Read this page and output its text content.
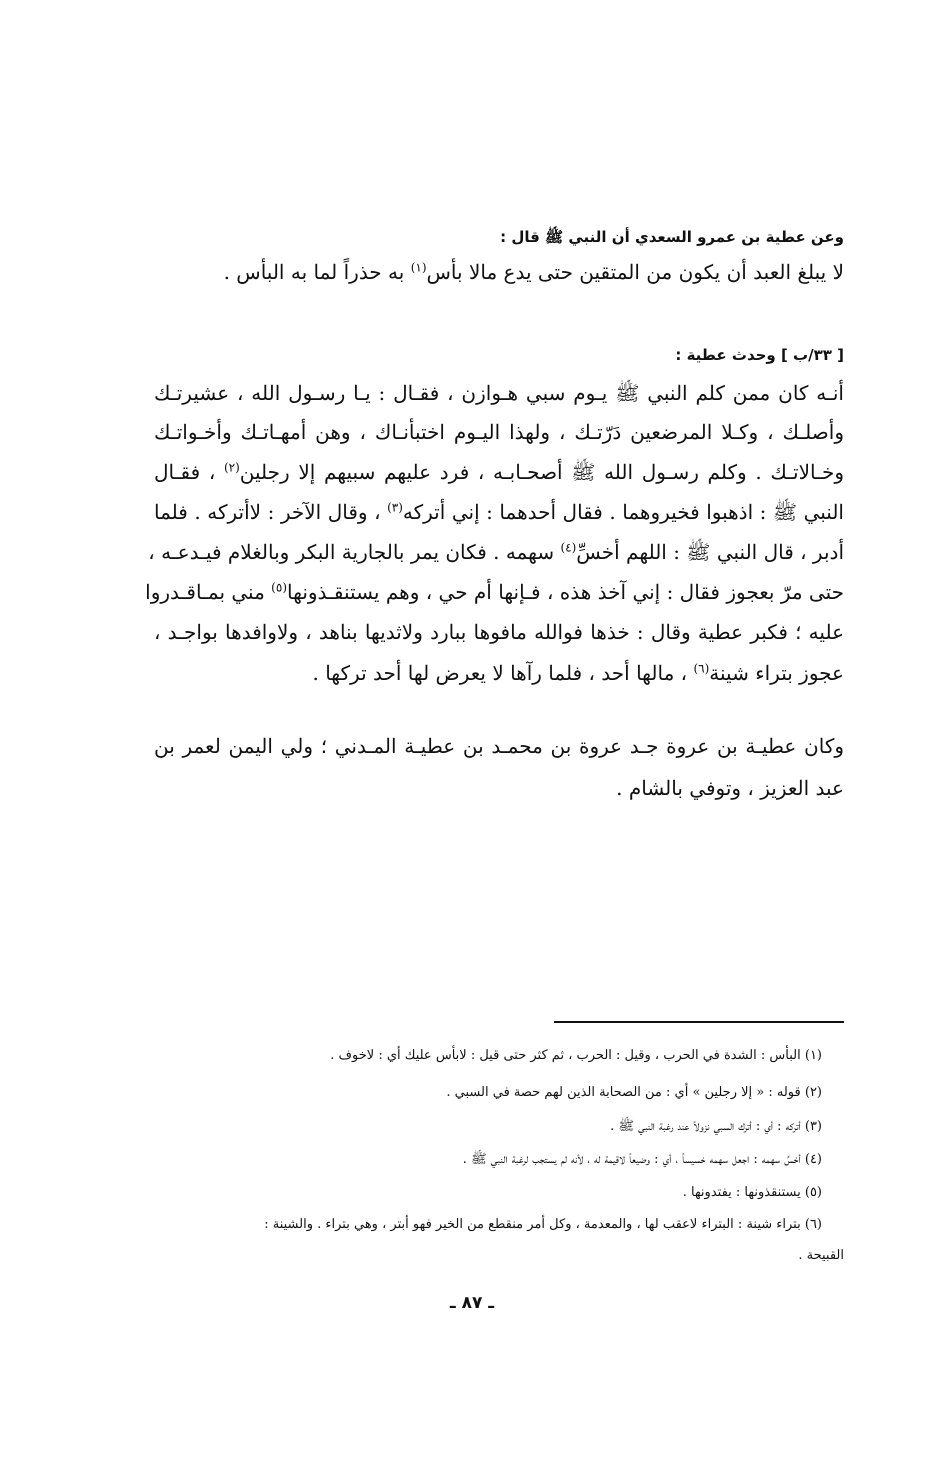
وعن عطية بن عمرو السعدي أن النبي ﷺ قال :
لا يبلغ العبد أن يكون من المتقين حتى يدع مالا بأس$^{(١)}$ به حذراً لما به البأس .
[ ٣٣/ب ] وحدث عطية :
أنـه كان ممن كلم النبي ﷺ يـوم سبي هـوازن ، فقـال : يـا رسـول الله ، عشيرتـك
وأصلـك ، وكـلا المرضعين دَرّتـك ، ولهذا اليـوم اختبأنـاك ، وهن أمهـاتـك وأخـواتـك
وخـالاتـك . وكلم رسـول الله ﷺ أصحـابـه ، فرد عليهم سبيهم إلا رجلين$^{(٢)}$ ، فقـال
النبي ﷺ : اذهبوا فخيروهما . فقال أحدهما : إني أتركه$^{(٣)}$ ، وقال الآخر : لاأتركه . فلما
أدبر ، قال النبي ﷺ : اللهم أخسِّ$^{(٤)}$ سهمه . فكان يمر بالجارية البكر وبالغلام فيـدعـه ،
حتى مرّ بعجوز فقال : إني آخذ هذه ، فـإنها أم حي ، وهم يستنقـذونها$^{(٥)}$ مني بمـاقـدروا
عليه ؛ فكبر عطية وقال : خذها فوالله مافوها ببارد ولاثديها بناهد ، ولاوافدها بواجـد ،
عجوز بتراء شينة$^{(٦)}$ ، مالها أحد ، فلما رآها لا يعرض لها أحد تركها .
وكان عطيـة بن عروة جـد عروة بن محمـد بن عطيـة المـدني ؛ ولي اليمن لعمر بن
عبد العزيز ، وتوفي بالشام .
(١) البأس : الشدة في الحرب ، وقيل : الحرب ، ثم كثر حتى قيل : لابأس عليك أي : لاخوف .
(٢) قوله : « إلا رجلين » أي : من الصحابة الذين لهم حصة في السبي .
(٣) أتركه : أي : أترك السبي نزولاً عند رغبة النبي ﷺ .
(٤) أخسِّ سهمه : اجعل سهمه خسيساً ، أي : وضيعاً لاقيمة له ، لأنه لم يستجب لرغبة النبي ﷺ .
(٥) يستنقذونها : يفتدونها .
(٦) بتراء شينة : البتراء لاعقب لها ، والمعدمة ، وكل أمر منقطع من الخير فهو أبتر ، وهي بتراء . والشينة :
القبيحة .
ـ ٨٧ ـ
